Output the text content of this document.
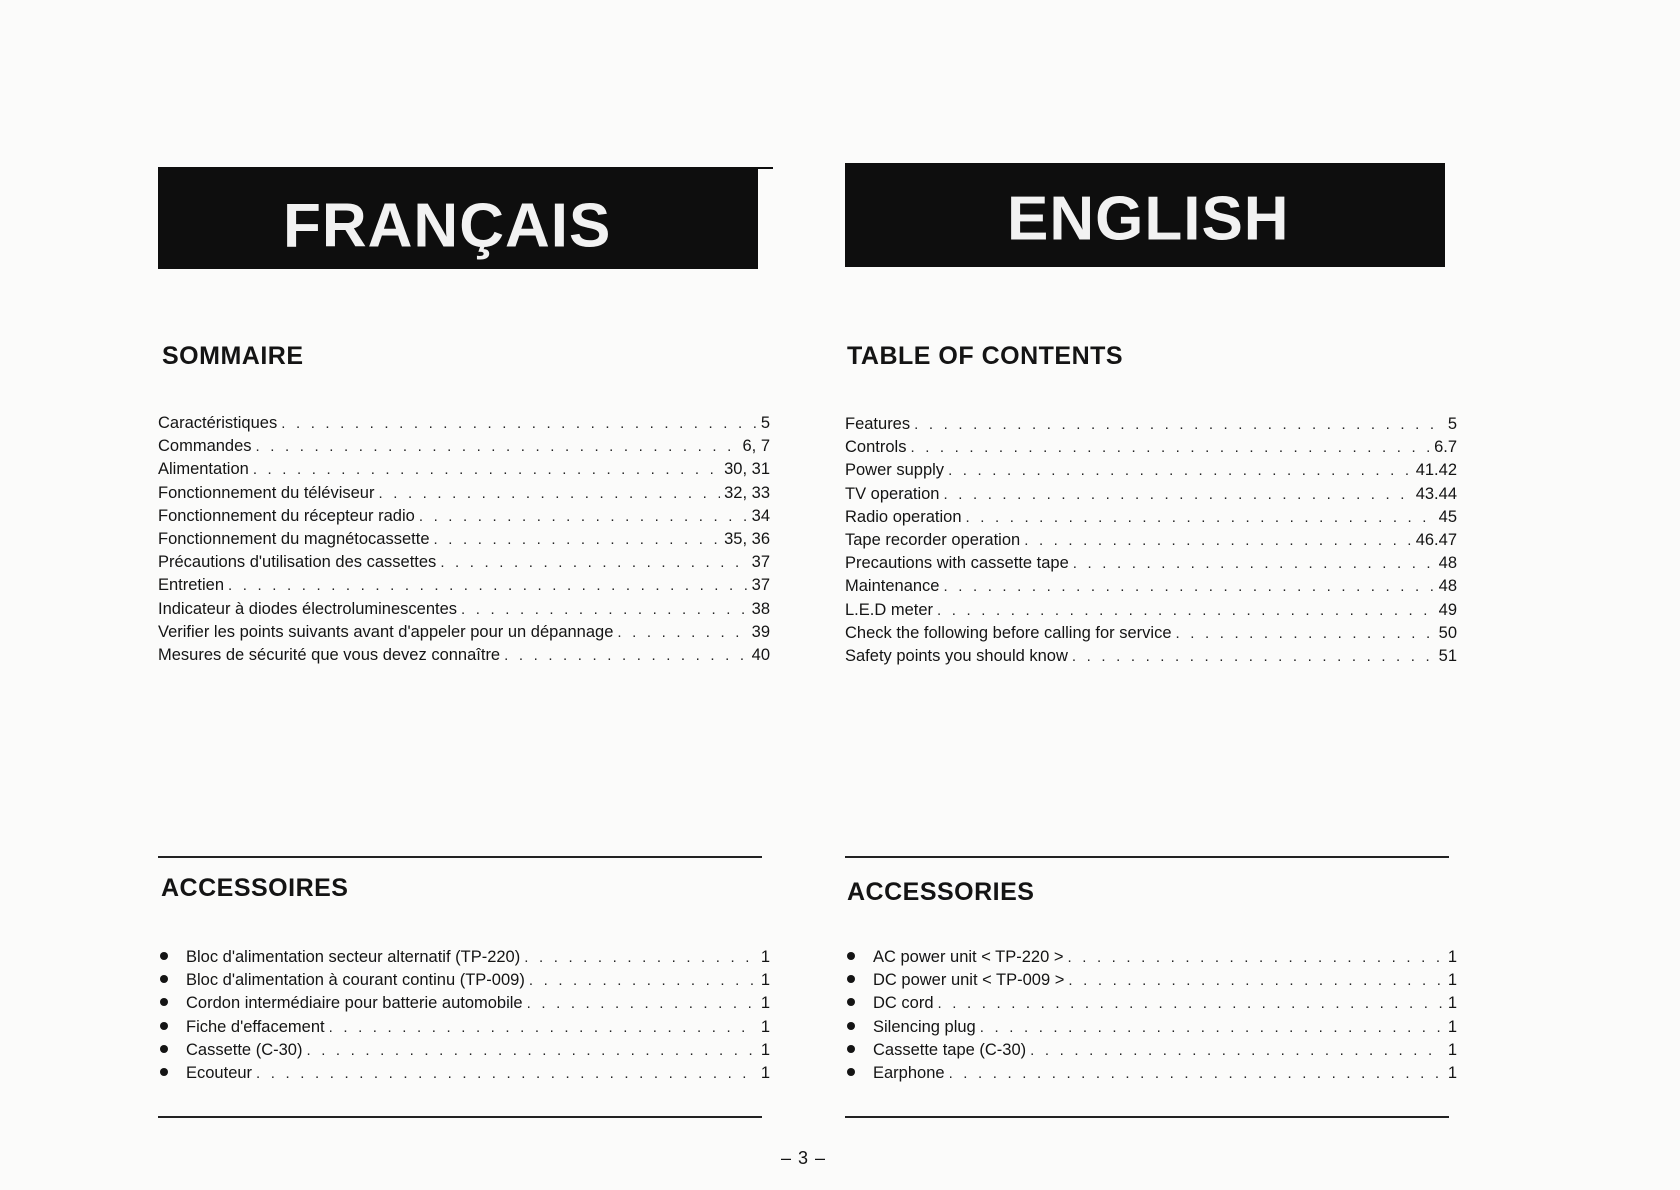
FRANÇAIS	ENGLISH
SOMMAIRE
Caractéristiques . . .	5
Commandes . . .	6, 7
Alimentation . . .	30, 31
Fonctionnement du téléviseur . . .	32, 33
Fonctionnement du récepteur radio . . .	34
Fonctionnement du magnétocassette . . .	35, 36
Précautions d'utilisation des cassettes . . .	37
Entretien . . .	37
Indicateur à diodes électroluminescentes . . .	38
Verifier les points suivants avant d'appeler pour un dépannage . . .	39
Mesures de sécurité que vous devez connaître . . .	40
ACCESSOIRES
Bloc d'alimentation secteur alternatif (TP-220) . . .	1
Bloc d'alimentation à courant continu (TP-009) . . .	1
Cordon intermédiaire pour batterie automobile . . .	1
Fiche d'effacement . . .	1
Cassette (C-30) . . .	1
Ecouteur . . .	1
TABLE OF CONTENTS
Features . . .	5
Controls . . .	6.7
Power supply . . .	41.42
TV operation . . .	43.44
Radio operation . . .	45
Tape recorder operation . . .	46.47
Precautions with cassette tape . . .	48
Maintenance . . .	48
L.E.D meter . . .	49
Check the following before calling for service . . .	50
Safety points you should know . . .	51
ACCESSORIES
AC power unit < TP-220 > . . .	1
DC power unit < TP-009 > . . .	1
DC cord . . .	1
Silencing plug . . .	1
Cassette tape (C-30) . . .	1
Earphone . . .	1
– 3 –
